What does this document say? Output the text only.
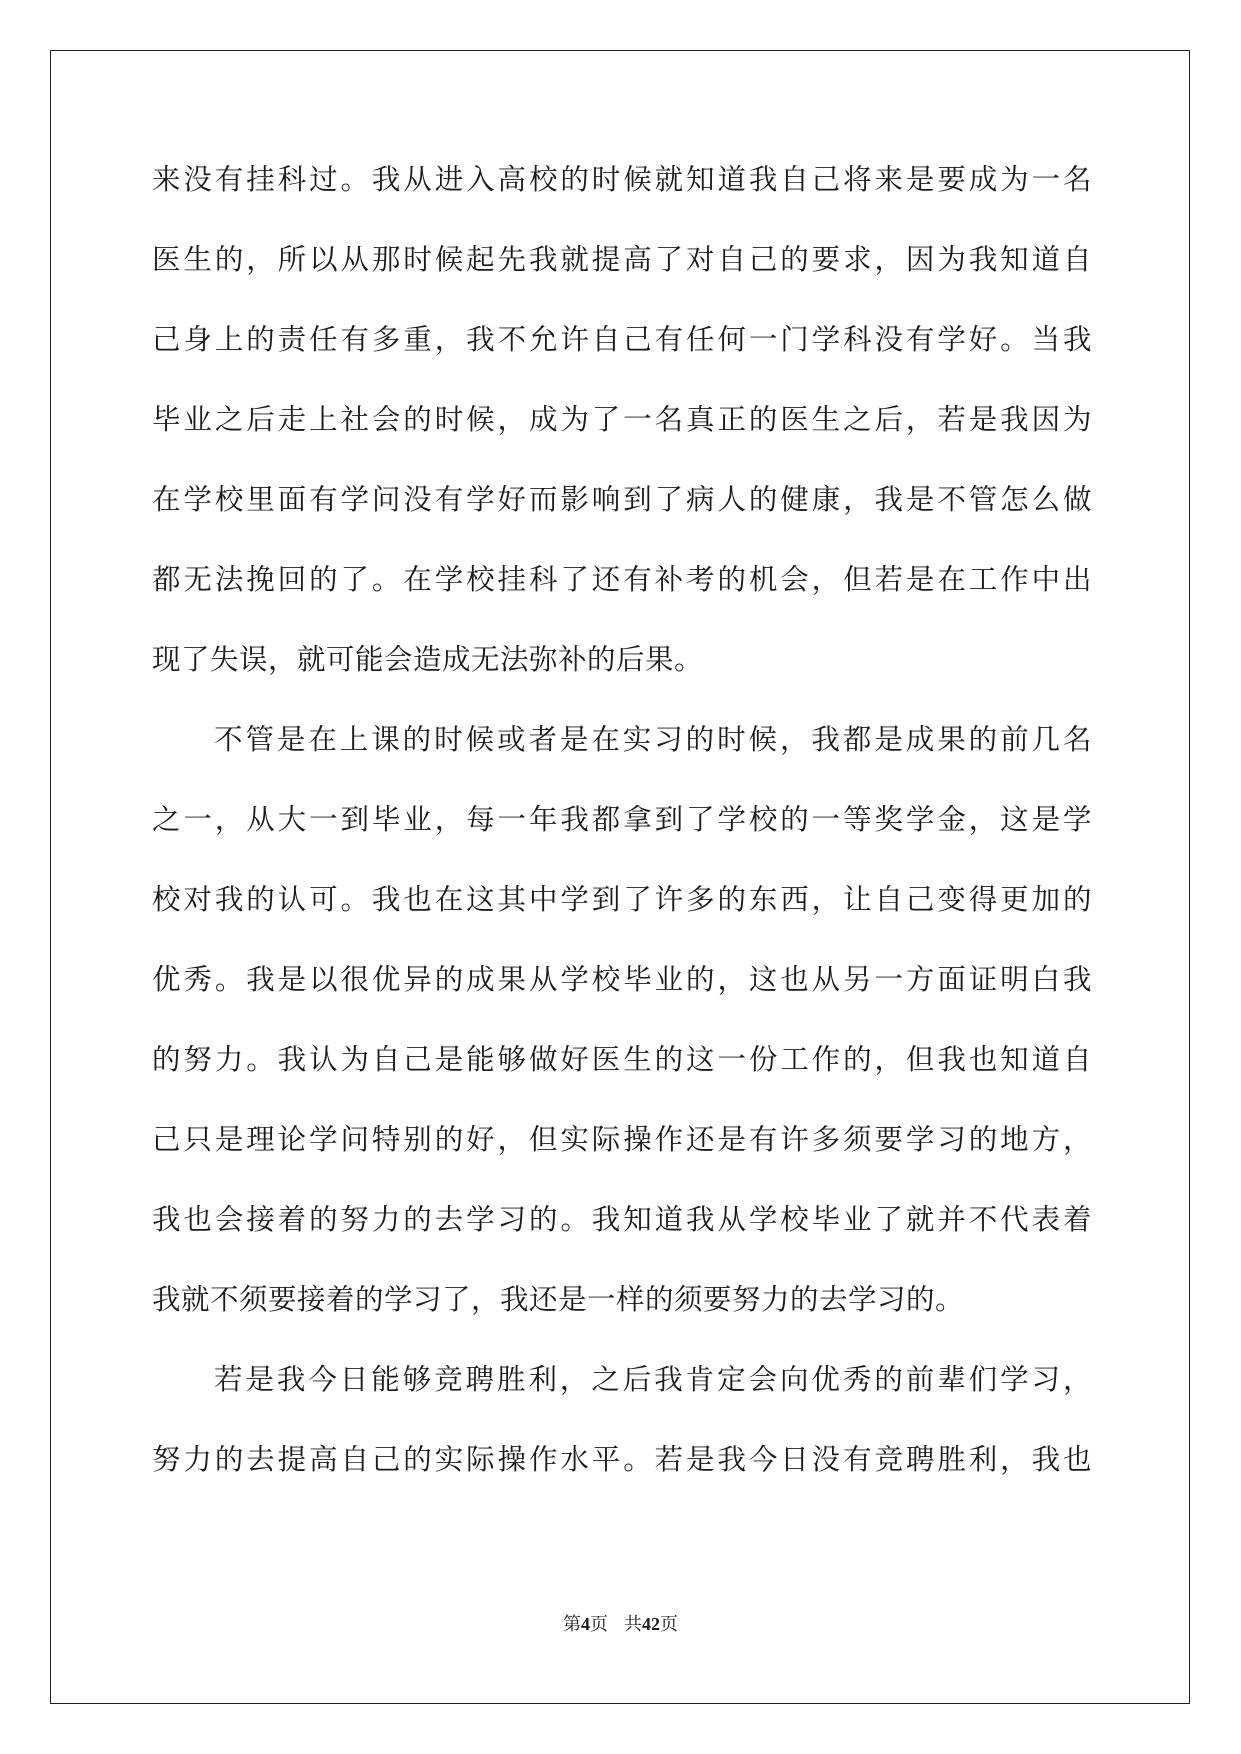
来没有挂科过。我从进入高校的时候就知道我自己将来是要成为一名
医生的，所以从那时候起先我就提高了对自己的要求，因为我知道自
己身上的责任有多重，我不允许自己有任何一门学科没有学好。当我
毕业之后走上社会的时候，成为了一名真正的医生之后，若是我因为
在学校里面有学问没有学好而影响到了病人的健康，我是不管怎么做
都无法挽回的了。在学校挂科了还有补考的机会，但若是在工作中出
现了失误，就可能会造成无法弥补的后果。
不管是在上课的时候或者是在实习的时候，我都是成果的前几名
之一，从大一到毕业，每一年我都拿到了学校的一等奖学金，这是学
校对我的认可。我也在这其中学到了许多的东西，让自己变得更加的
优秀。我是以很优异的成果从学校毕业的，这也从另一方面证明白我
的努力。我认为自己是能够做好医生的这一份工作的，但我也知道自
己只是理论学问特别的好，但实际操作还是有许多须要学习的地方，
我也会接着的努力的去学习的。我知道我从学校毕业了就并不代表着
我就不须要接着的学习了，我还是一样的须要努力的去学习的。
若是我今日能够竞聘胜利，之后我肯定会向优秀的前辈们学习，
努力的去提高自己的实际操作水平。若是我今日没有竞聘胜利，我也
第4页 共42页
